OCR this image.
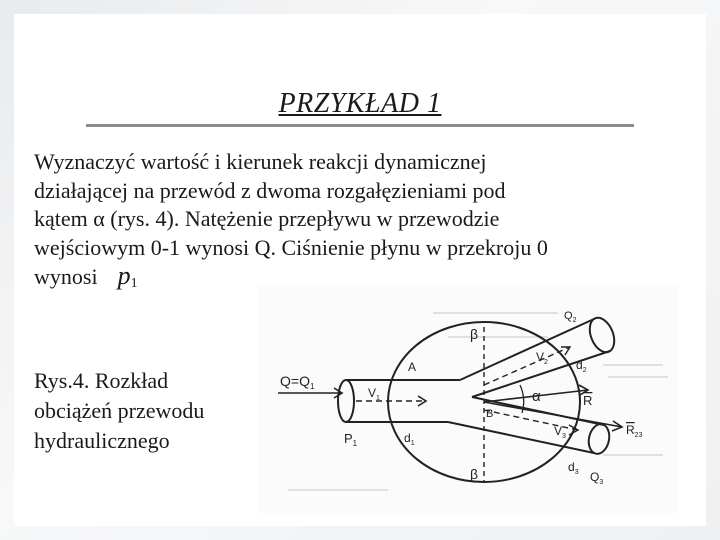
PRZYKŁAD 1
Wyznaczyć wartość i kierunek reakcji dynamicznej
działającej na przewód z dwoma rozgałęzieniami pod
kątem α (rys. 4). Natężenie przepływu w przewodzie
wejściowym 0-1 wynosi Q. Ciśnienie płynu w przekroju 0
wynosi p1
Rys.4. Rozkład
obciążeń przewodu
hydraulicznego
$Q=Q_1$	$V_1$
$P_1$	$d_1$
A
B
β
β
α	R
$R_{23}$
$V_2$
$V_3$
$d_2$
$d_3$
$Q_2$
$Q_3$
